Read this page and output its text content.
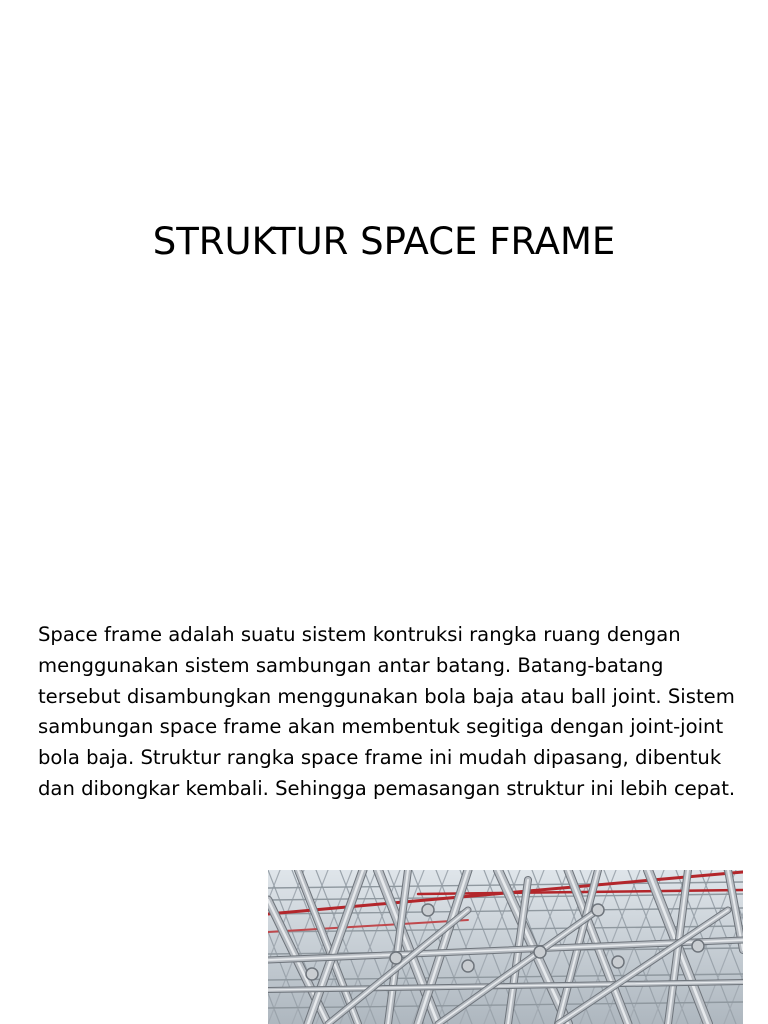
STRUKTUR SPACE FRAME

Space frame adalah suatu sistem kontruksi rangka ruang dengan menggunakan sistem sambungan antar batang. Batang-batang tersebut disambungkan menggunakan bola baja atau ball joint. Sistem sambungan space frame akan membentuk segitiga dengan joint-joint bola baja. Struktur rangka space frame ini mudah dipasang, dibentuk dan dibongkar kembali. Sehingga pemasangan struktur ini lebih cepat.
